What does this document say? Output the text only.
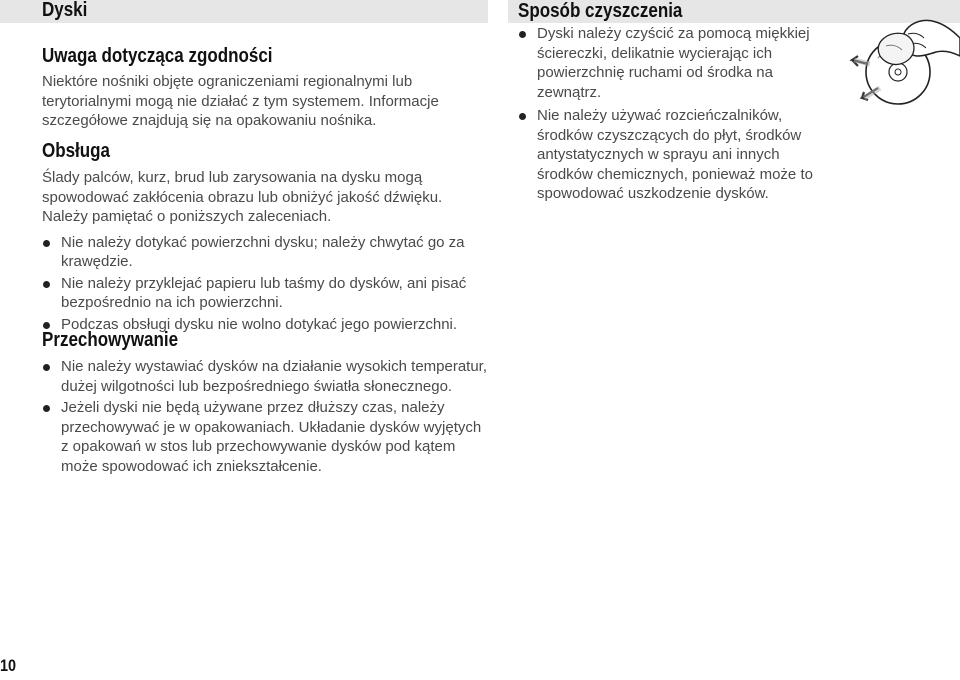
Dyski	Sposób czyszczenia
Uwaga dotycząca zgodności

Niektóre nośniki objęte ograniczeniami regionalnymi lub terytorialnymi mogą nie działać z tym systemem. Informacje szczegółowe znajdują się na opakowaniu nośnika.

Obsługa

Ślady palców, kurz, brud lub zarysowania na dysku mogą spowodować zakłócenia obrazu lub obniżyć jakość dźwięku. Należy pamiętać o poniższych zaleceniach.

Nie należy dotykać powierzchni dysku; należy chwytać go za krawędzie.
Nie należy przyklejać papieru lub taśmy do dysków, ani pisać bezpośrednio na ich powierzchni.
Podczas obsługi dysku nie wolno dotykać jego powierzchni.
Przechowywanie
Nie należy wystawiać dysków na działanie wysokich temperatur, dużej wilgotności lub bezpośredniego światła słonecznego.
Jeżeli dyski nie będą używane przez dłuższy czas, należy przechowywać je w opakowaniach. Układanie dysków wyjętych z opakowań w stos lub przechowywanie dysków pod kątem może spowodować ich zniekształcenie.
Dyski należy czyścić za pomocą miękkiej ściereczki, delikatnie wycierając ich powierzchnię ruchami od środka na zewnątrz.
Nie należy używać rozcieńczalników, środków czyszczących do płyt, środków antystatycznych w sprayu ani innych środków chemicznych, ponieważ może to spowodować uszkodzenie dysków.
10
